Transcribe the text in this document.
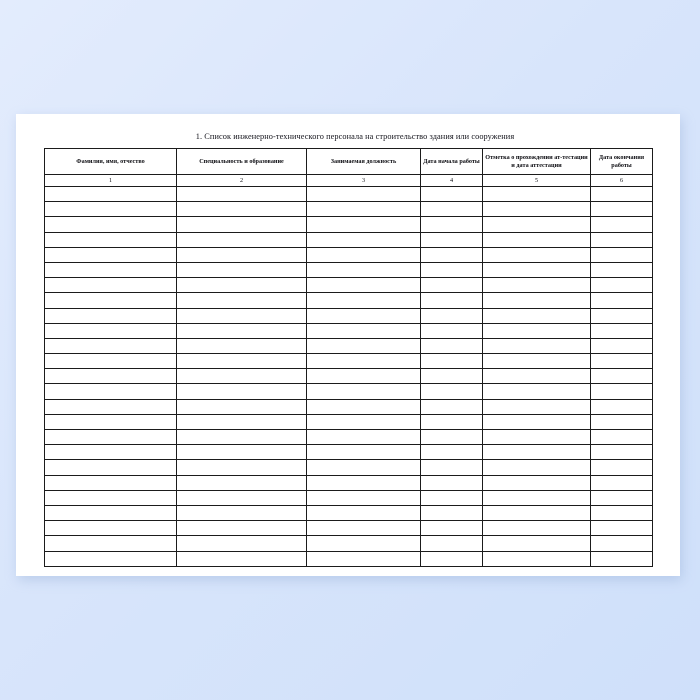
1. Список инженерно-технического персонала на строительство здания или сооружения
Фамилия, имя, отчество	Специальность и образование	Занимаемая должность	Дата начала работы	Отметка о прохождении ат-тестации и дата аттестации	Дата окончания работы
1	2	3	4	5	6
